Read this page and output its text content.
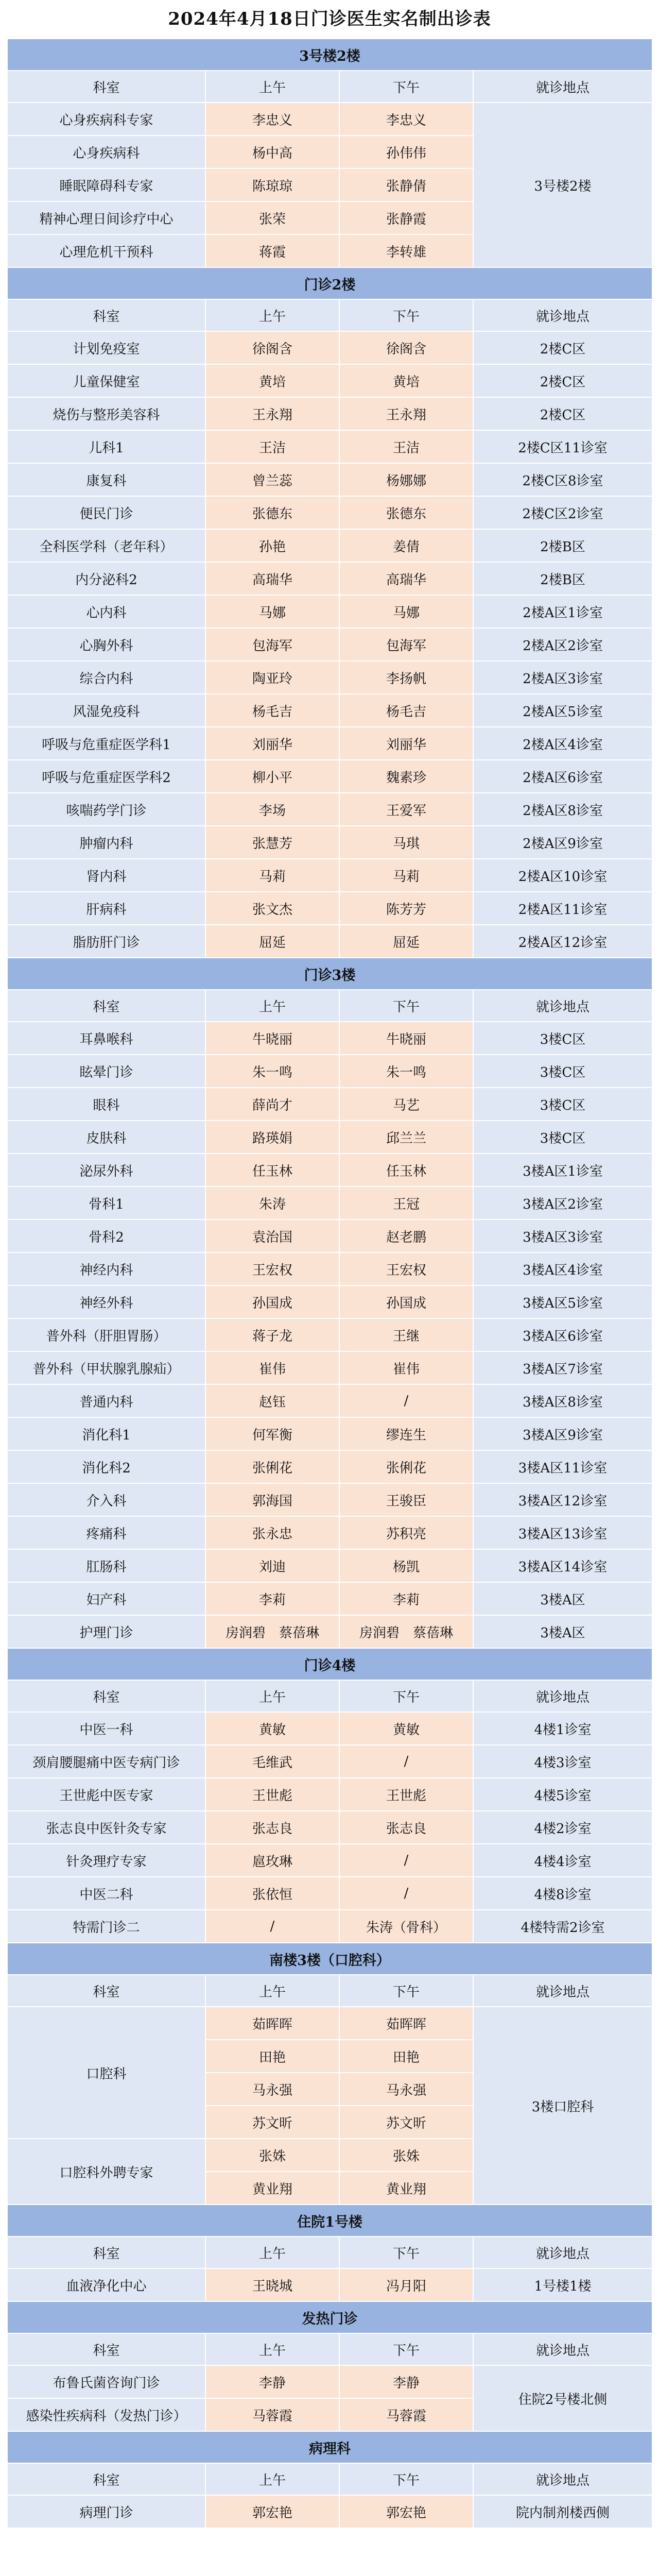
2024年4月18日门诊医生实名制出诊表
3号楼2楼			
科室	上午	下午	就诊地点
心身疾病科专家	李忠义	李忠义	3号楼2楼
心身疾病科	杨中高	孙伟伟	
睡眠障碍科专家	陈琼琼	张静倩	
精神心理日间诊疗中心	张荣	张静霞	
心理危机干预科	蒋霞	李转雄	
门诊2楼			
科室	上午	下午	就诊地点
计划免疫室	徐阁含	徐阁含	2楼C区
儿童保健室	黄培	黄培	2楼C区
烧伤与整形美容科	王永翔	王永翔	2楼C区
儿科1	王洁	王洁	2楼C区11诊室
康复科	曾兰蕊	杨娜娜	2楼C区8诊室
便民门诊	张德东	张德东	2楼C区2诊室
全科医学科（老年科）	孙艳	姜倩	2楼B区
内分泌科2	高瑞华	高瑞华	2楼B区
心内科	马娜	马娜	2楼A区1诊室
心胸外科	包海军	包海军	2楼A区2诊室
综合内科	陶亚玲	李扬帆	2楼A区3诊室
风湿免疫科	杨毛吉	杨毛吉	2楼A区5诊室
呼吸与危重症医学科1	刘丽华	刘丽华	2楼A区4诊室
呼吸与危重症医学科2	柳小平	魏素珍	2楼A区6诊室
咳喘药学门诊	李场	王爱军	2楼A区8诊室
肿瘤内科	张慧芳	马琪	2楼A区9诊室
肾内科	马莉	马莉	2楼A区10诊室
肝病科	张文杰	陈芳芳	2楼A区11诊室
脂肪肝门诊	屈延	屈延	2楼A区12诊室
门诊3楼			
科室	上午	下午	就诊地点
耳鼻喉科	牛晓丽	牛晓丽	3楼C区
眩晕门诊	朱一鸣	朱一鸣	3楼C区
眼科	薛尚才	马艺	3楼C区
皮肤科	路瑛娟	邱兰兰	3楼C区
泌尿外科	任玉林	任玉林	3楼A区1诊室
骨科1	朱涛	王冠	3楼A区2诊室
骨科2	袁治国	赵老鹏	3楼A区3诊室
神经内科	王宏权	王宏权	3楼A区4诊室
神经外科	孙国成	孙国成	3楼A区5诊室
普外科（肝胆胃肠）	蒋子龙	王继	3楼A区6诊室
普外科（甲状腺乳腺疝）	崔伟	崔伟	3楼A区7诊室
普通内科	赵钰	/	3楼A区8诊室
消化科1	何军衡	缪连生	3楼A区9诊室
消化科2	张俐花	张俐花	3楼A区11诊室
介入科	郭海国	王骏臣	3楼A区12诊室
疼痛科	张永忠	苏积亮	3楼A区13诊室
肛肠科	刘迪	杨凯	3楼A区14诊室
妇产科	李莉	李莉	3楼A区
护理门诊	房润碧　蔡蓓琳	房润碧　蔡蓓琳	3楼A区
门诊4楼			
科室	上午	下午	就诊地点
中医一科	黄敏	黄敏	4楼1诊室
颈肩腰腿痛中医专病门诊	毛维武	/	4楼3诊室
王世彪中医专家	王世彪	王世彪	4楼5诊室
张志良中医针灸专家	张志良	张志良	4楼2诊室
针灸理疗专家	扈玫琳	/	4楼4诊室
中医二科	张依恒	/	4楼8诊室
特需门诊二	/	朱涛（骨科）	4楼特需2诊室
南楼3楼（口腔科）			
科室	上午	下午	就诊地点
口腔科	茹晖晖	茹晖晖	3楼口腔科
	田艳	田艳	
	马永强	马永强	
	苏文昕	苏文昕	
口腔科外聘专家	张姝	张姝	
	黄业翔	黄业翔	
住院1号楼			
科室	上午	下午	就诊地点
血液净化中心	王晓城	冯月阳	1号楼1楼
发热门诊			
科室	上午	下午	就诊地点
布鲁氏菌咨询门诊	李静	李静	住院2号楼北侧
感染性疾病科（发热门诊）	马蓉霞	马蓉霞	
病理科			
科室	上午	下午	就诊地点
病理门诊	郭宏艳	郭宏艳	院内制剂楼西侧
